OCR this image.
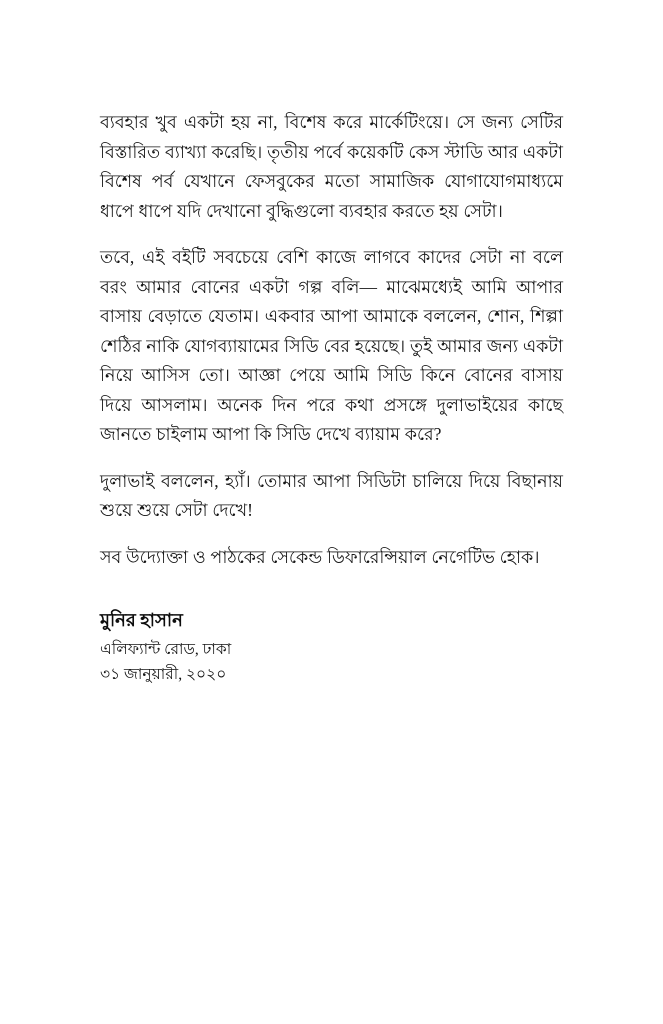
ব্যবহার খুব একটা হয় না, বিশেষ করে মার্কেটিংয়ে। সে জন্য সেটির বিস্তারিত ব্যাখ্যা করেছি। তৃতীয় পর্বে কয়েকটি কেস স্টাডি আর একটা বিশেষ পর্ব যেখানে ফেসবুকের মতো সামাজিক যোগাযোগমাধ্যমে ধাপে ধাপে যদি দেখানো বুদ্ধিগুলো ব্যবহার করতে হয় সেটা।

তবে, এই বইটি সবচেয়ে বেশি কাজে লাগবে কাদের সেটা না বলে বরং আমার বোনের একটা গল্প বলি— মাঝেমধ্যেই আমি আপার বাসায় বেড়াতে যেতাম। একবার আপা আমাকে বললেন, শোন, শিল্পা শেঠির নাকি যোগব্যায়ামের সিডি বের হয়েছে। তুই আমার জন্য একটা নিয়ে আসিস তো। আজ্ঞা পেয়ে আমি সিডি কিনে বোনের বাসায় দিয়ে আসলাম। অনেক দিন পরে কথা প্রসঙ্গে দুলাভাইয়ের কাছে জানতে চাইলাম আপা কি সিডি দেখে ব্যায়াম করে?

দুলাভাই বললেন, হ্যাঁ। তোমার আপা সিডিটা চালিয়ে দিয়ে বিছানায় শুয়ে শুয়ে সেটা দেখে!

সব উদ্যোক্তা ও পাঠকের সেকেন্ড ডিফারেন্সিয়াল নেগেটিভ হোক।

মুনির হাসান

এলিফ্যান্ট রোড, ঢাকা

৩১ জানুয়ারী, ২০২০
